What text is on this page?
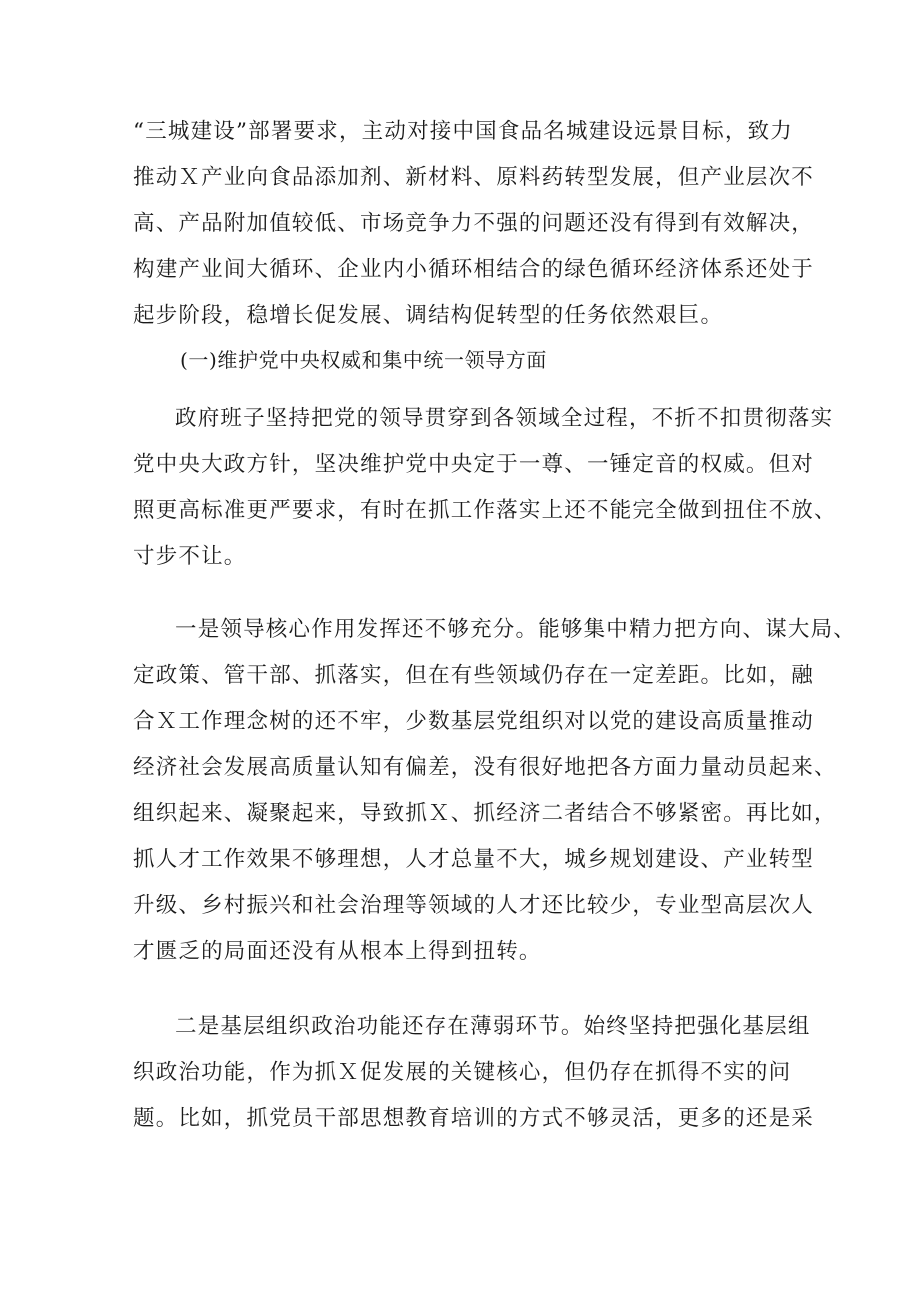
“三城建设”部署要求，主动对接中国食品名城建设远景目标，致力
推动Ｘ产业向食品添加剂、新材料、原料药转型发展，但产业层次不
高、产品附加值较低、市场竞争力不强的问题还没有得到有效解决，
构建产业间大循环、企业内小循环相结合的绿色循环经济体系还处于
起步阶段，稳增长促发展、调结构促转型的任务依然艰巨。
(一)维护党中央权威和集中统一领导方面
政府班子坚持把党的领导贯穿到各领域全过程，不折不扣贯彻落实
党中央大政方针，坚决维护党中央定于一尊、一锤定音的权威。但对
照更高标准更严要求，有时在抓工作落实上还不能完全做到扭住不放、
寸步不让。
一是领导核心作用发挥还不够充分。能够集中精力把方向、谋大局、
定政策、管干部、抓落实，但在有些领域仍存在一定差距。比如，融
合Ｘ工作理念树的还不牢，少数基层党组织对以党的建设高质量推动
经济社会发展高质量认知有偏差，没有很好地把各方面力量动员起来、
组织起来、凝聚起来，导致抓Ｘ、抓经济二者结合不够紧密。再比如，
抓人才工作效果不够理想，人才总量不大，城乡规划建设、产业转型
升级、乡村振兴和社会治理等领域的人才还比较少，专业型高层次人
才匮乏的局面还没有从根本上得到扭转。
二是基层组织政治功能还存在薄弱环节。始终坚持把强化基层组
织政治功能，作为抓Ｘ促发展的关键核心，但仍存在抓得不实的问
题。比如，抓党员干部思想教育培训的方式不够灵活，更多的还是采
